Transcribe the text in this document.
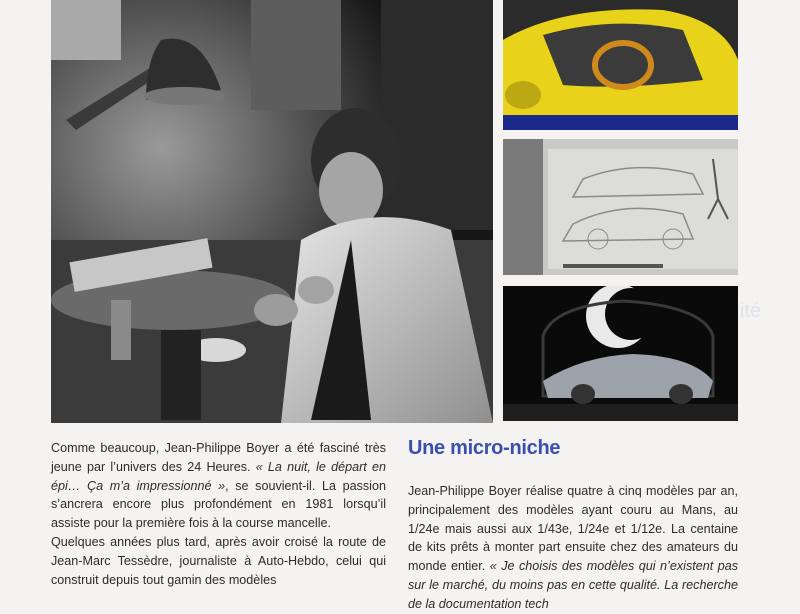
ité

Comme beaucoup, Jean-Philippe Boyer a été fasciné très jeune par l’univers des 24 Heures. « La nuit, le départ en épi… Ça m’a impressionné », se souvient-il. La passion s’ancrera encore plus profondément en 1981 lorsqu’il assiste pour la première fois à la course mancelle.

Quelques années plus tard, après avoir croisé la route de Jean-Marc Tessèdre, journaliste à Auto-Hebdo, celui qui construit depuis tout gamin des modèles

Une micro-niche

Jean-Philippe Boyer réalise quatre à cinq modèles par an, principalement des modèles ayant couru au Mans, au 1/24e mais aussi aux 1/43e, 1/24e et 1/12e. La centaine de kits prêts à monter part ensuite chez des amateurs du monde entier. « Je choisis des modèles qui n’existent pas sur le marché, du moins pas en cette qualité. La recherche de la documentation tech
